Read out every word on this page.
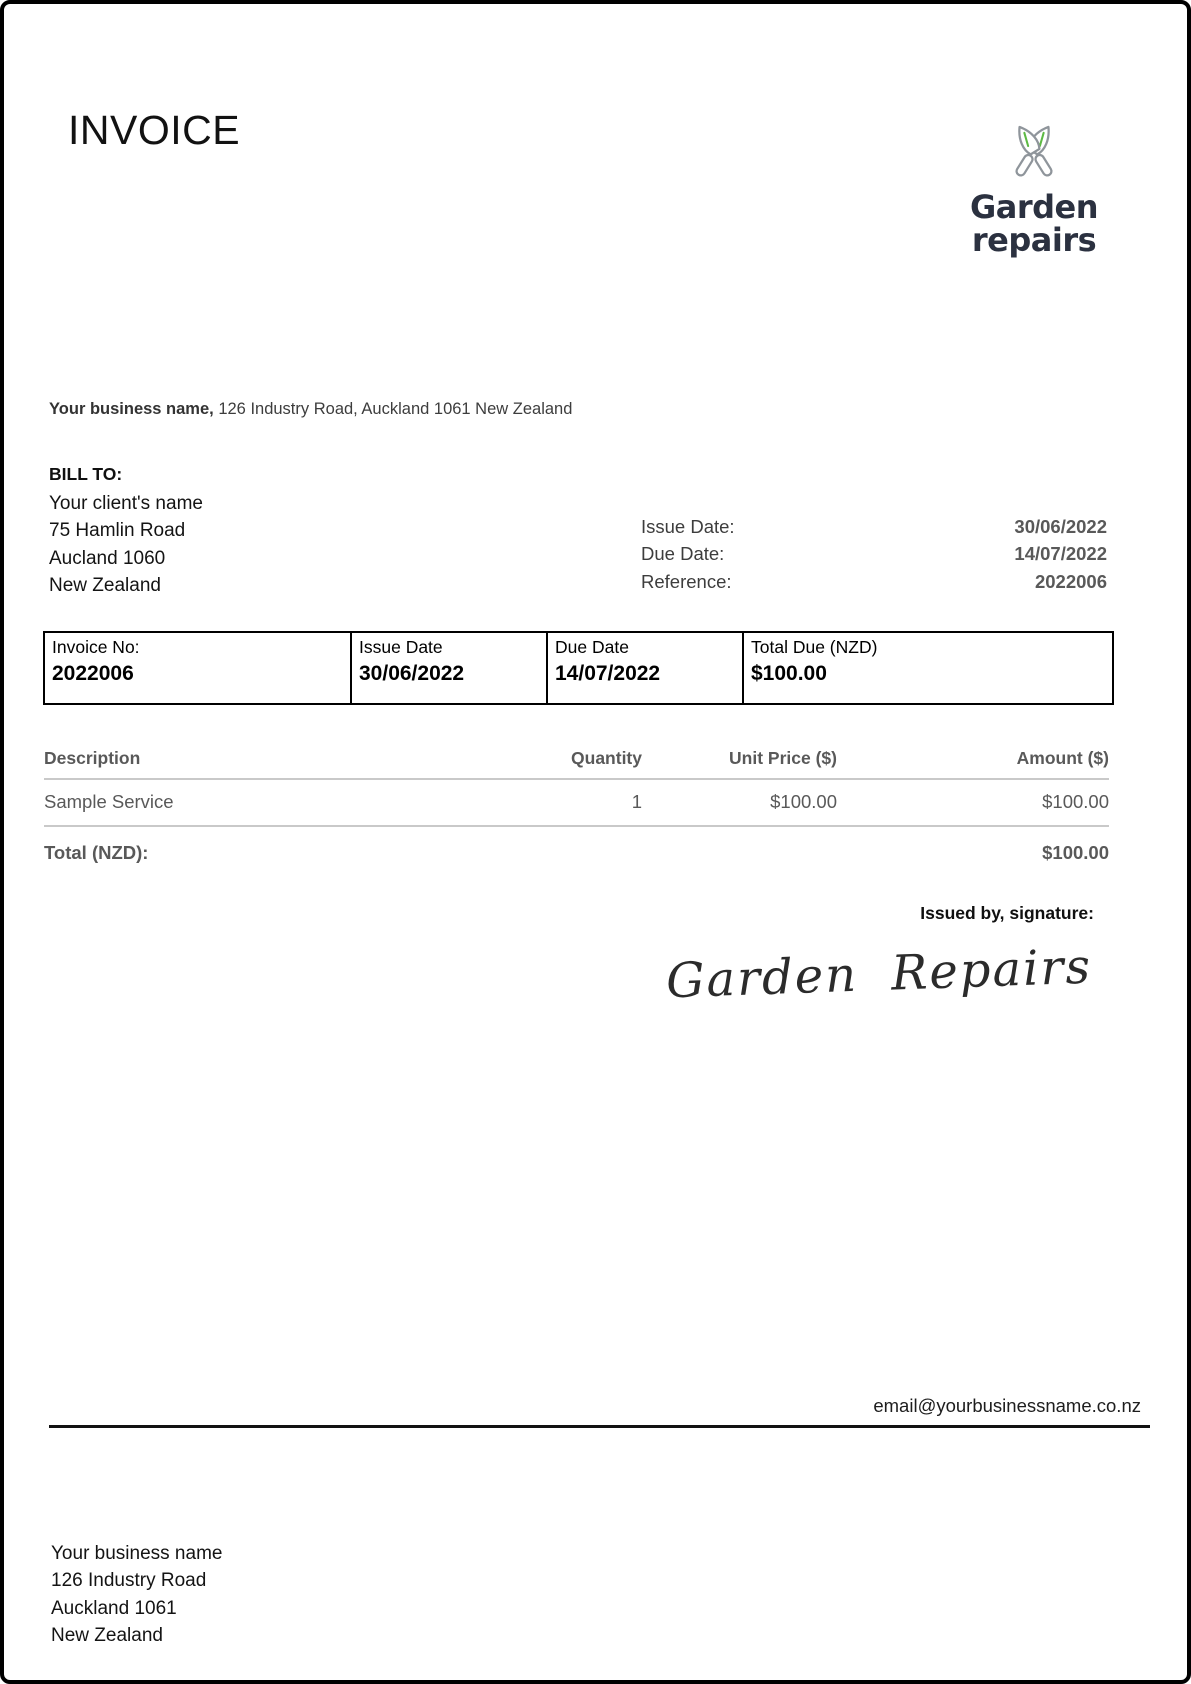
INVOICE
Garden
repairs
Your business name, 126 Industry Road, Auckland 1061 New Zealand
BILL TO:
Your client's name
75 Hamlin Road
Aucland 1060
New Zealand
Issue Date:	30/06/2022
Due Date:	14/07/2022
Reference:	2022006
Invoice No:
2022006
Issue Date
30/06/2022
Due Date
14/07/2022
Total Due (NZD)
$100.00
Description	Quantity	Unit Price ($)	Amount ($)
Sample Service	1	$100.00	$100.00
Total (NZD):	$100.00
Issued by, signature:
Garden Repairs
email@yourbusinessname.co.nz
Your business name
126 Industry Road
Auckland 1061
New Zealand
